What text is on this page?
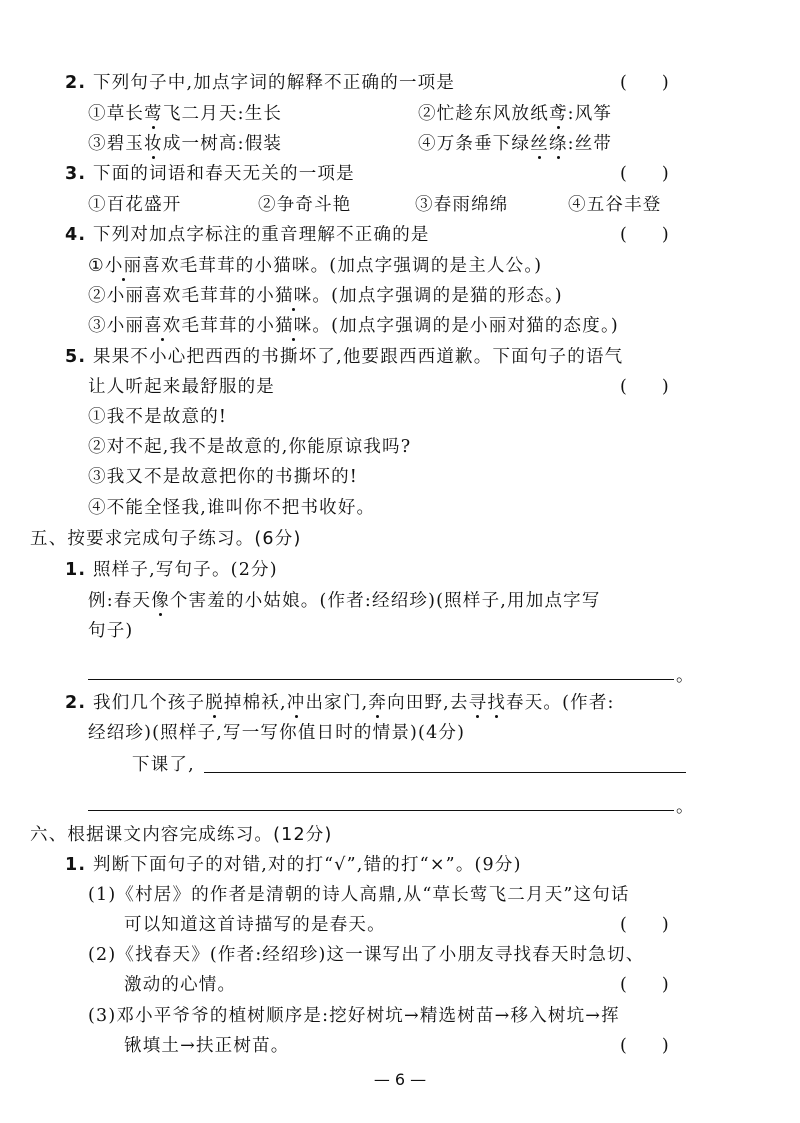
2. 下列句子中,加点字词的解释不正确的一项是	(　　)
①草长莺飞二月天:生长	②忙趁东风放纸鸢:风筝
③碧玉妆成一树高:假装	④万条垂下绿丝绦:丝带
3. 下面的词语和春天无关的一项是	(　　)
①百花盛开	②争奇斗艳	③春雨绵绵	④五谷丰登
4. 下列对加点字标注的重音理解不正确的是	(　　)
①小丽喜欢毛茸茸的小猫咪。(加点字强调的是主人公。)
②小丽喜欢毛茸茸的小猫咪。(加点字强调的是猫的形态。)
③小丽喜欢毛茸茸的小猫咪。(加点字强调的是小丽对猫的态度。)
5. 果果不小心把西西的书撕坏了,他要跟西西道歉。下面句子的语气
让人听起来最舒服的是	(　　)
①我不是故意的!
②对不起,我不是故意的,你能原谅我吗?
③我又不是故意把你的书撕坏的!
④不能全怪我,谁叫你不把书收好。
五、按要求完成句子练习。(6分)
1. 照样子,写句子。(2分)
例:春天像个害羞的小姑娘。(作者:经绍珍)(照样子,用加点字写
句子)
。
2. 我们几个孩子脱掉棉袄,冲出家门,奔向田野,去寻找春天。(作者:
经绍珍)(照样子,写一写你值日时的情景)(4分)
下课了,
。
六、根据课文内容完成练习。(12分)
1. 判断下面句子的对错,对的打“√”,错的打“×”。(9分)
(1)《村居》的作者是清朝的诗人高鼎,从“草长莺飞二月天”这句话
可以知道这首诗描写的是春天。	(　　)
(2)《找春天》(作者:经绍珍)这一课写出了小朋友寻找春天时急切、
激动的心情。	(　　)
(3)邓小平爷爷的植树顺序是:挖好树坑→精选树苗→移入树坑→挥
锹填土→扶正树苗。	(　　)
— 6 —
